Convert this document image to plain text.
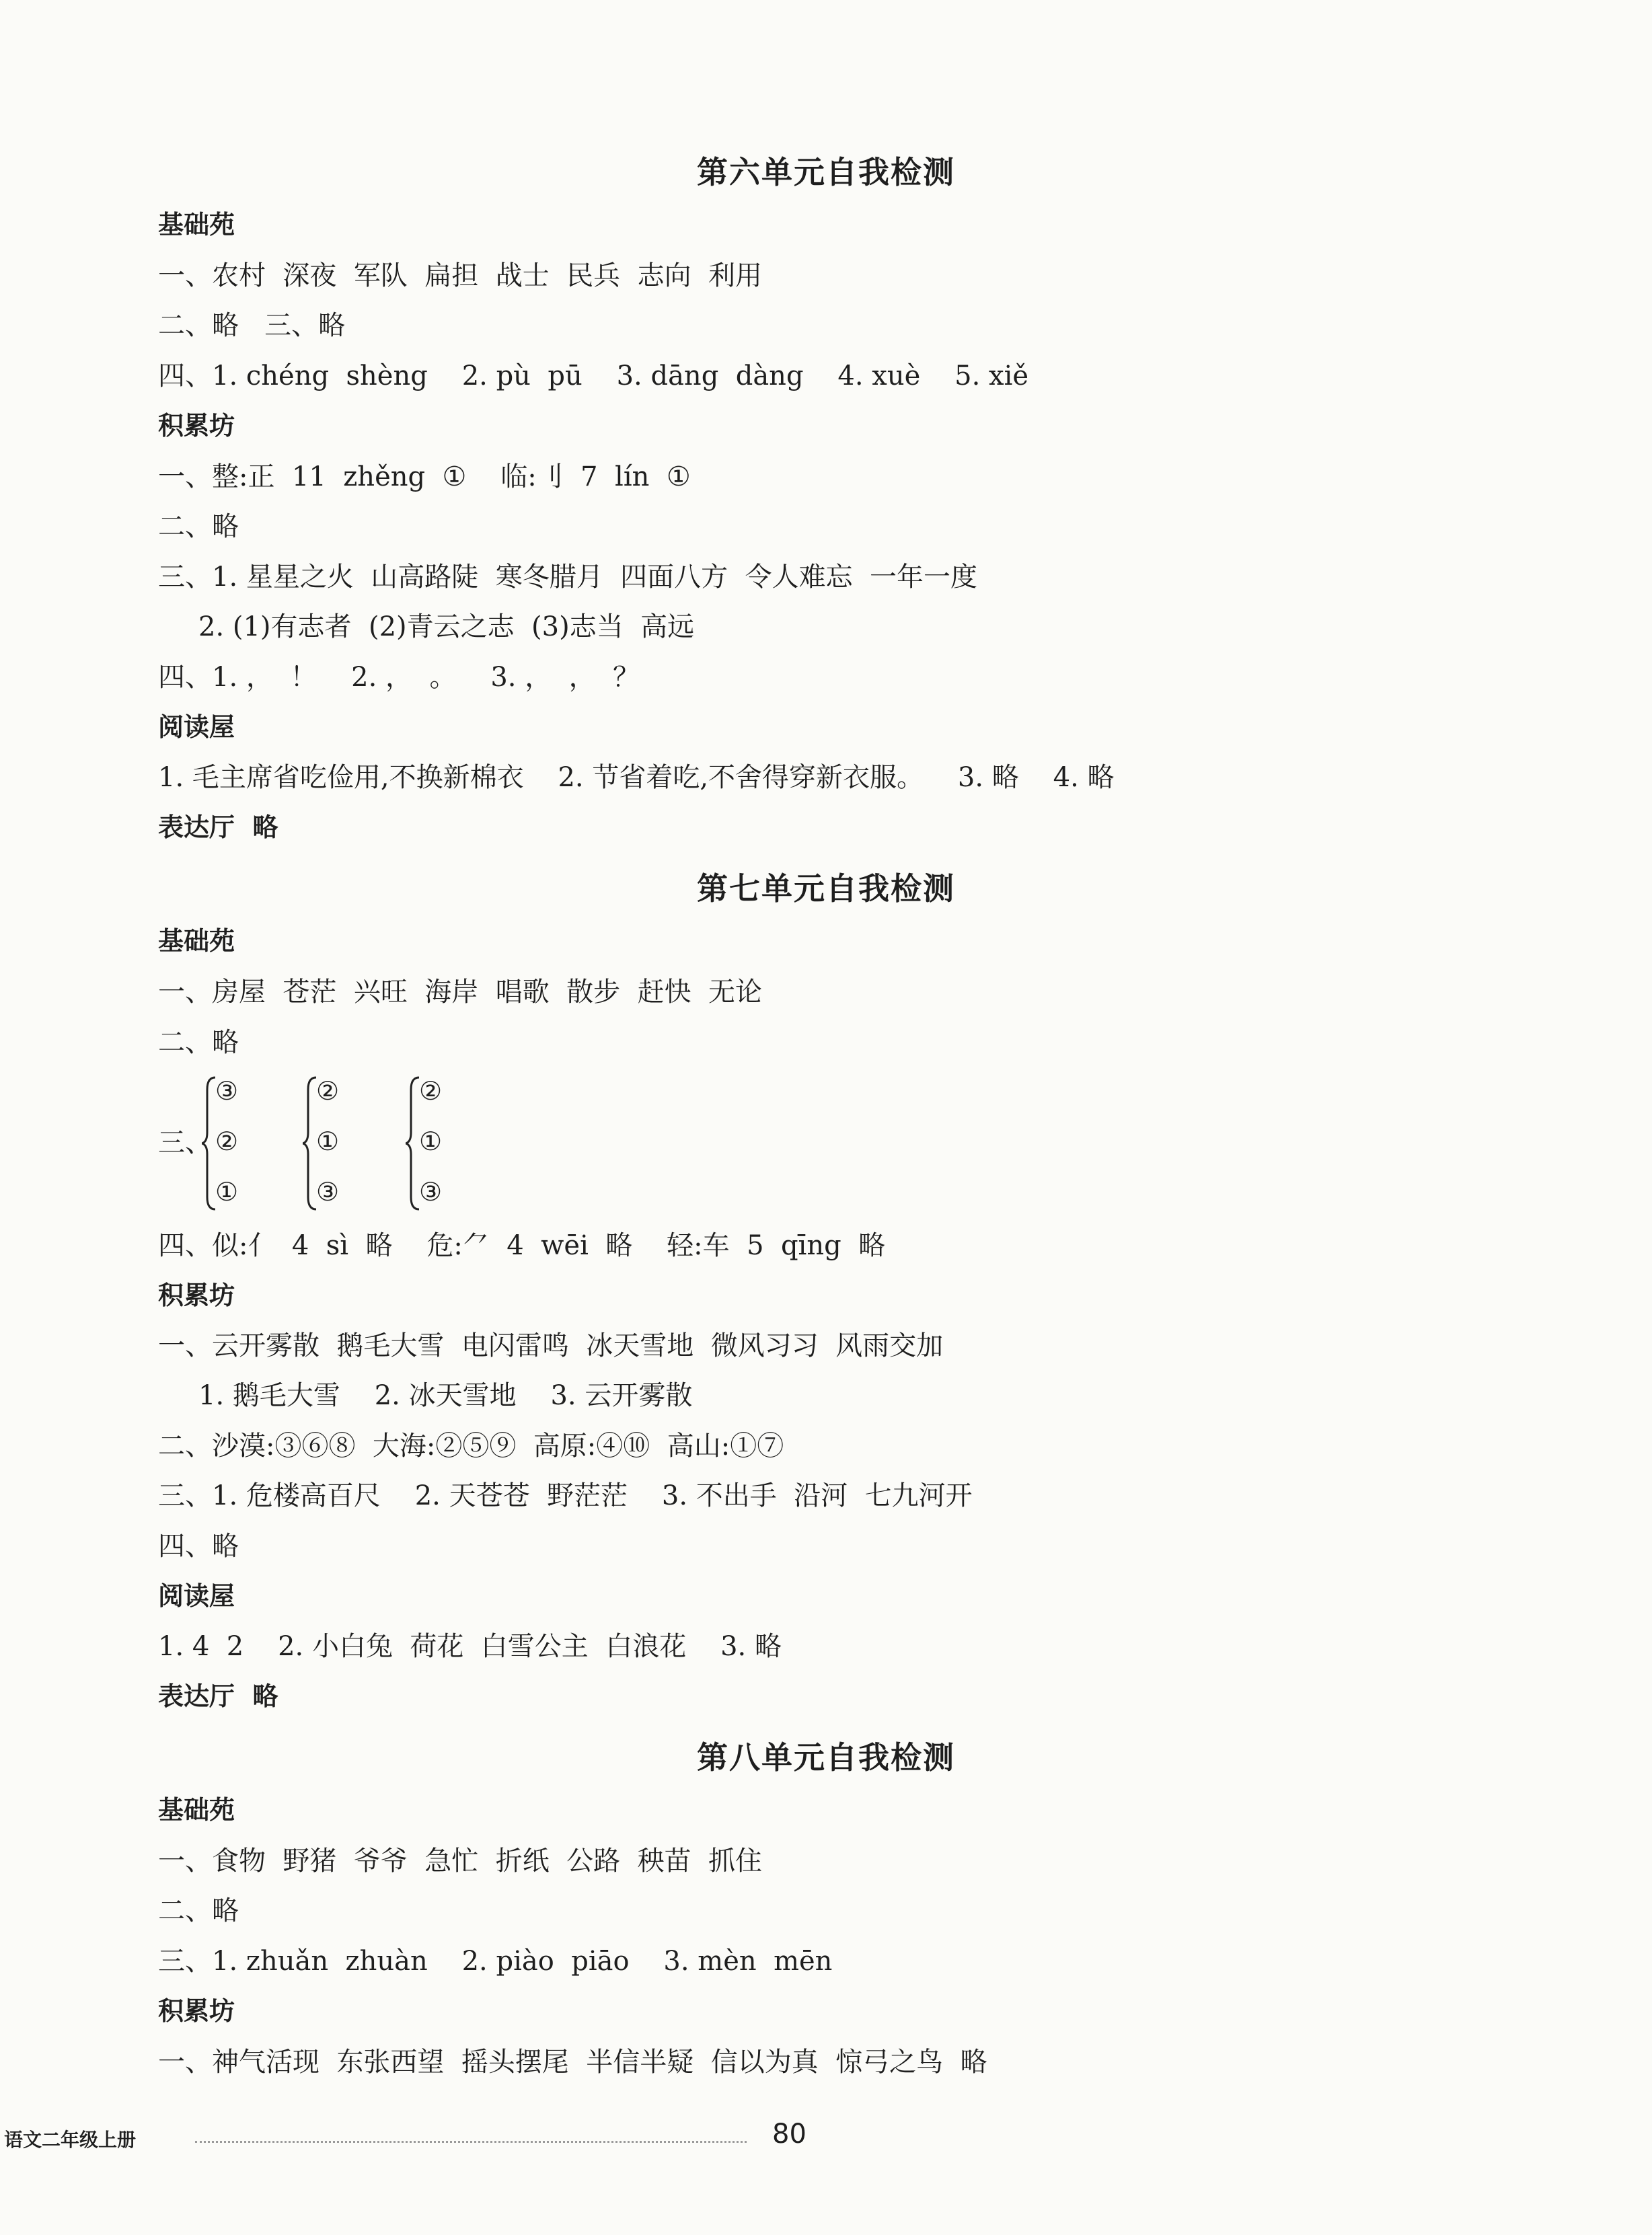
第六单元自我检测
基础苑
一、农村  深夜  军队  扁担  战士  民兵  志向  利用
二、略   三、略
四、1. chéng  shèng    2. pù  pū    3. dāng  dàng    4. xuè    5. xiě
积累坊
一、整:正  11  zhěng  ①    临:刂  7  lín  ①
二、略
三、1. 星星之火  山高路陡  寒冬腊月  四面八方  令人难忘  一年一度
2. (1)有志者  (2)青云之志  (3)志当  高远
四、1. ，  ！    2. ，  。    3. ，  ，  ？
阅读屋
1. 毛主席省吃俭用,不换新棉衣    2. 节省着吃,不舍得穿新衣服。    3. 略    4. 略
表达厅  略
第七单元自我检测
基础苑
一、房屋  苍茫  兴旺  海岸  唱歌  散步  赶快  无论
二、略
三、
③
②
①
②
①
③
②
①
③
四、似:亻  4  sì  略    危:⺈  4  wēi  略    轻:车  5  qīng  略
积累坊
一、云开雾散  鹅毛大雪  电闪雷鸣  冰天雪地  微风习习  风雨交加
1. 鹅毛大雪    2. 冰天雪地    3. 云开雾散
二、沙漠:③⑥⑧  大海:②⑤⑨  高原:④⑩  高山:①⑦
三、1. 危楼高百尺    2. 天苍苍  野茫茫    3. 不出手  沿河  七九河开
四、略
阅读屋
1. 4  2    2. 小白兔  荷花  白雪公主  白浪花    3. 略
表达厅  略
第八单元自我检测
基础苑
一、食物  野猪  爷爷  急忙  折纸  公路  秧苗  抓住
二、略
三、1. zhuǎn  zhuàn    2. piào  piāo    3. mèn  mēn
积累坊
一、神气活现  东张西望  摇头摆尾  半信半疑  信以为真  惊弓之鸟  略
语文二年级上册	80
